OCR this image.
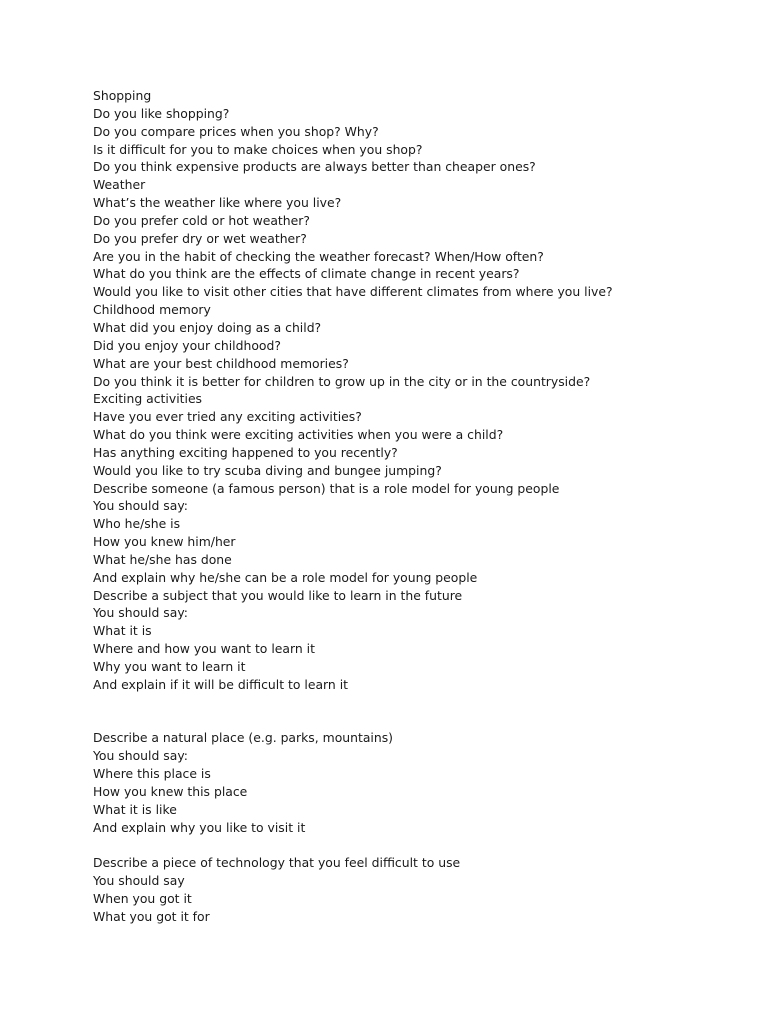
Shopping
Do you like shopping?
Do you compare prices when you shop? Why?
Is it difficult for you to make choices when you shop?
Do you think expensive products are always better than cheaper ones?
Weather
What’s the weather like where you live?
Do you prefer cold or hot weather?
Do you prefer dry or wet weather?
Are you in the habit of checking the weather forecast? When/How often?
What do you think are the effects of climate change in recent years?
Would you like to visit other cities that have different climates from where you live?
Childhood memory
What did you enjoy doing as a child?
Did you enjoy your childhood?
What are your best childhood memories?
Do you think it is better for children to grow up in the city or in the countryside?
Exciting activities
Have you ever tried any exciting activities?
What do you think were exciting activities when you were a child?
Has anything exciting happened to you recently?
Would you like to try scuba diving and bungee jumping?
Describe someone (a famous person) that is a role model for young people
You should say:
Who he/she is
How you knew him/her
What he/she has done
And explain why he/she can be a role model for young people
Describe a subject that you would like to learn in the future
You should say:
What it is
Where and how you want to learn it
Why you want to learn it
And explain if it will be difficult to learn it
Describe a natural place (e.g. parks, mountains)
You should say:
Where this place is
How you knew this place
What it is like
And explain why you like to visit it
Describe a piece of technology that you feel difficult to use
You should say
When you got it
What you got it for
